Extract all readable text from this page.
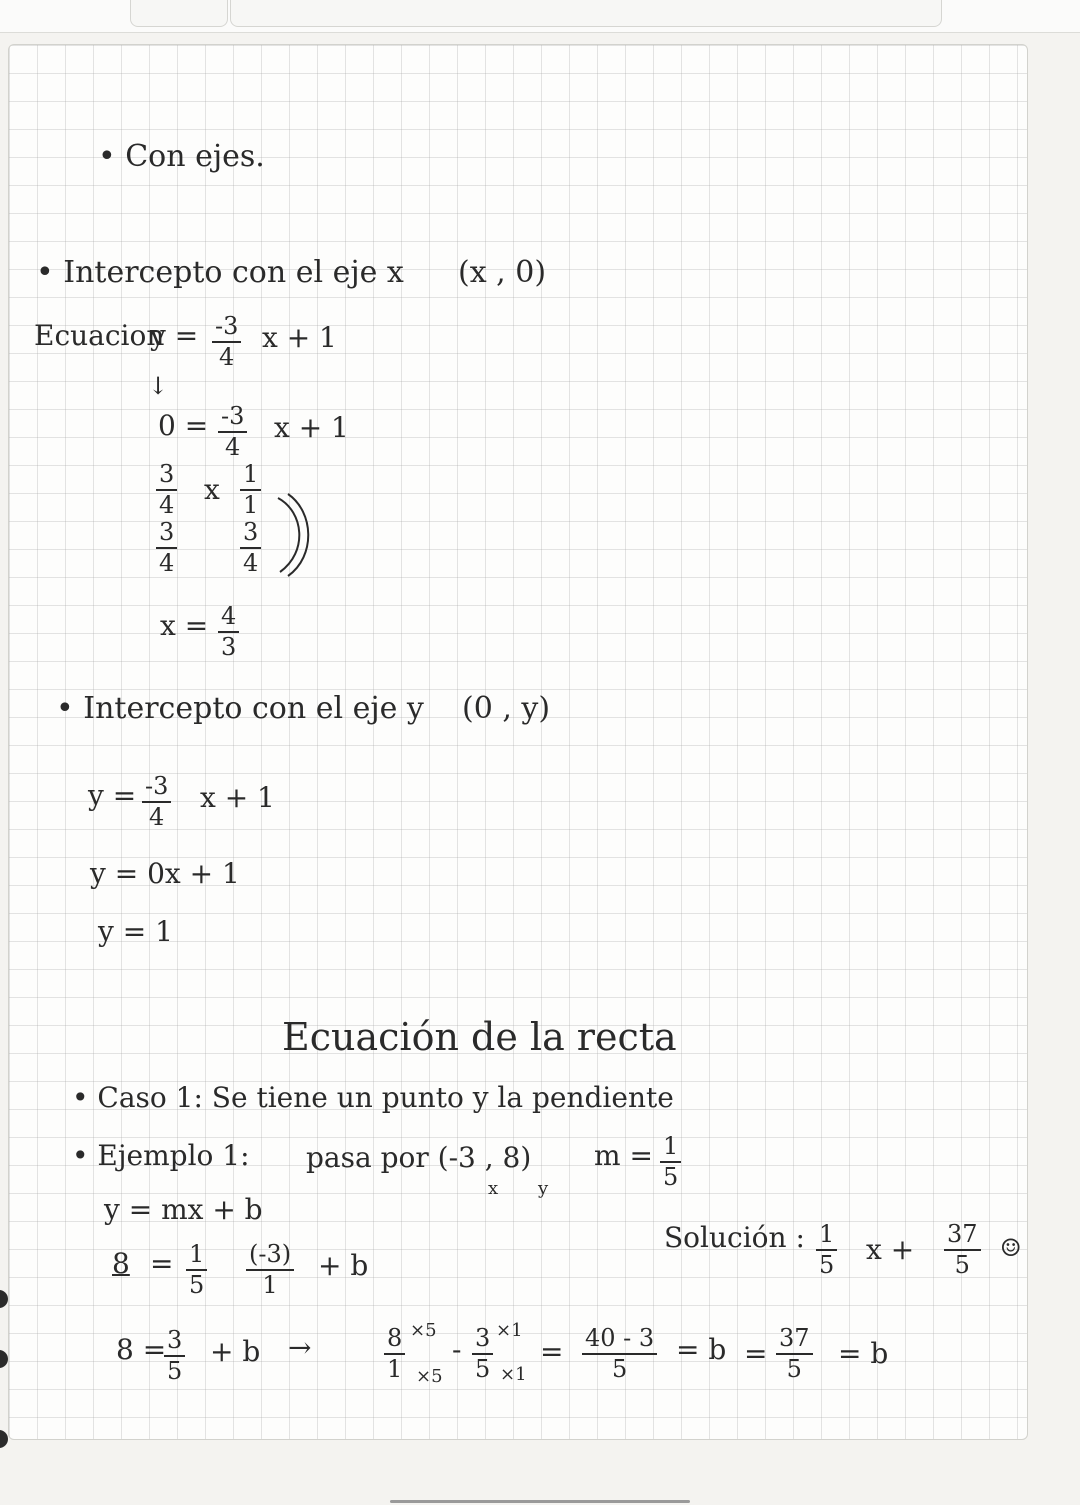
• Con ejes.
• Interceptо con el eje x (x , 0)
Ecuacion
$y = \frac{-3}{4}$ x + 1
↓
$0 = \frac{-3}{4}$ x + 1
$\frac{3}{4}$ x $\frac{1}{1}$
$\frac{3}{4}$	$\frac{3}{4}$
$x = \frac{4}{3}$
• Intercepto con el eje y (0 , y)
$y = \frac{-3}{4}$ x + 1
y = 0x + 1
y = 1
Ecuación de la recta
• Caso 1: Se tiene un punto y la pendiente
• Ejemplo 1: pasa por (-3 , 8)
x y
$m = \frac{1}{5}$
y = mx + b
$8 = \frac{1}{5} \frac{(-3)}{1} + b$
Solución : $\frac{1}{5}$ $x + \frac{37}{5}$ ☺
8 =
$\frac{3}{5} + b$ →	$\frac{8}{1} \times 5$
×5
- $\frac{3}{5} \times 1$
×1
= $\frac{40 - 3}{5} = b = \frac{37}{5} = b$
